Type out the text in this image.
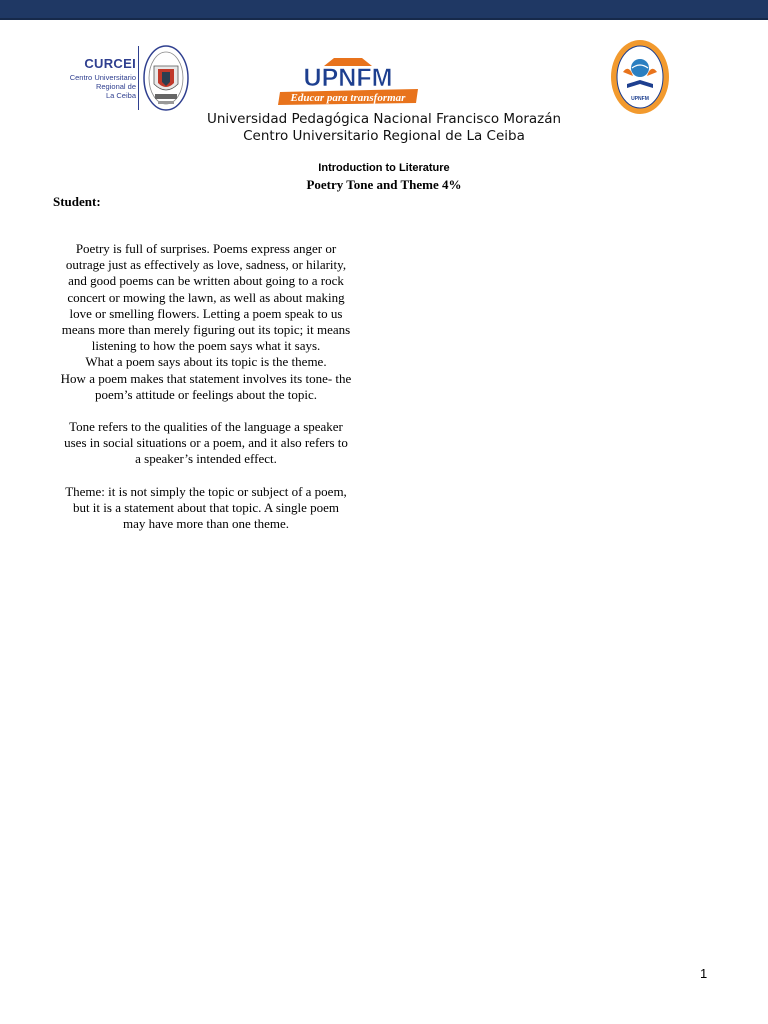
CURCEI
Centro Universitario
Regional de
La Ceiba
UPNFM
Educar para transformar	UPNFM
Universidad Pedagógica Nacional Francisco Morazán
Centro Universitario Regional de La Ceiba
Introduction to Literature
Poetry Tone and Theme 4%
Student:

Poetry is full of surprises. Poems express anger or

outrage just as effectively as love, sadness, or hilarity,

and good poems can be written about going to a rock

concert or mowing the lawn, as well as about making

love or smelling flowers. Letting a poem speak to us

means more than merely figuring out its topic; it means

listening to how the poem says what it says.

What a poem says about its topic is the theme.

How a poem makes that statement involves its tone- the

poem’s attitude or feelings about the topic.

Tone refers to the qualities of the language a speaker

uses in social situations or a poem, and it also refers to

a speaker’s intended effect.

Theme: it is not simply the topic or subject of a poem,

but it is a statement about that topic. A single poem

may have more than one theme.

1
